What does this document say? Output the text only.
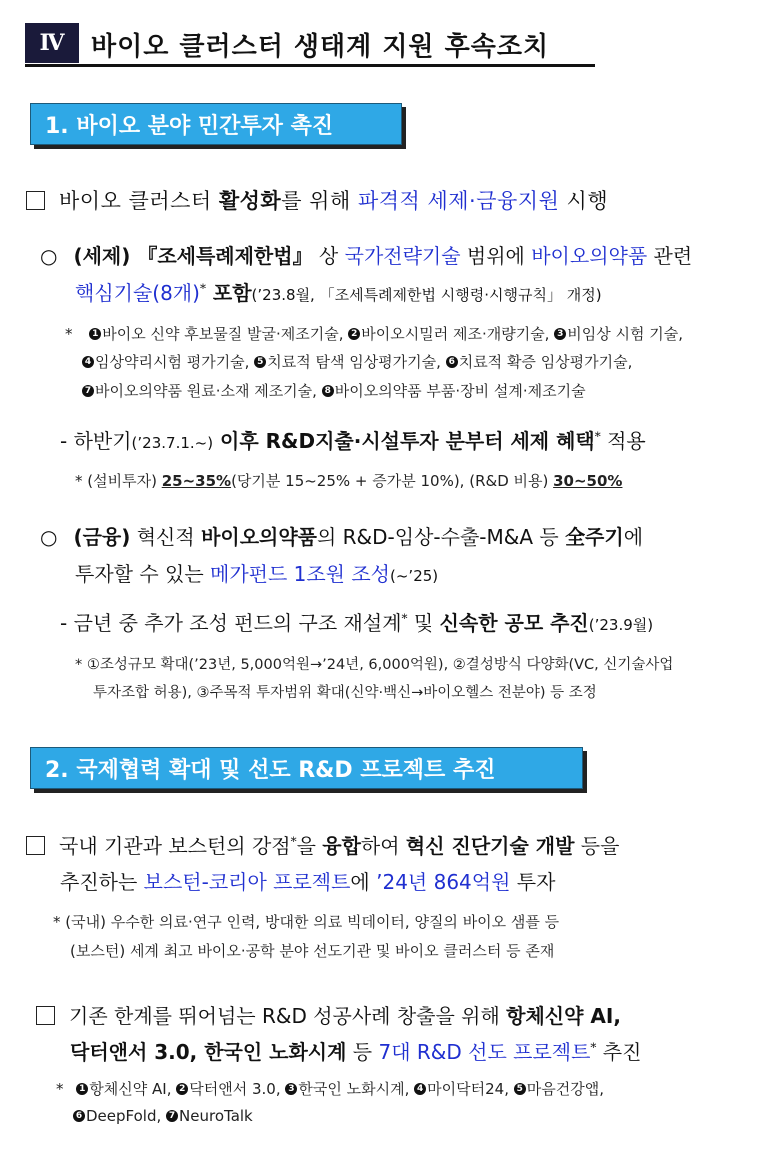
Ⅳ	바이오 클러스터 생태계 지원 후속조치
1. 바이오 분야 민간투자 촉진
바이오 클러스터 활성화를 위해 파격적 세제·금융지원 시행
○ (세제) 『조세특례제한법』 상 국가전략기술 범위에 바이오의약품 관련
핵심기술(8개)* 포함(’23.8월, 「조세특례제한법 시행령·시행규칙」 개정)
* 1 바이오 신약 후보물질 발굴·제조기술, 2 바이오시밀러 제조·개량기술, 3 비임상 시험 기술,
4 임상약리시험 평가기술, 5 치료적 탐색 임상평가기술, 6 치료적 확증 임상평가기술,
7 바이오의약품 원료·소재 제조기술, 8 바이오의약품 부품·장비 설계·제조기술
- 하반기(’23.7.1.~) 이후 R&D지출·시설투자 분부터 세제 혜택* 적용
* (설비투자) 25~35%(당기분 15~25% + 증가분 10%), (R&D 비용) 30~50%
○ (금융) 혁신적 바이오의약품의 R&D-임상-수출-M&A 등 全주기에
투자할 수 있는 메가펀드 1조원 조성(~’25)
- 금년 중 추가 조성 펀드의 구조 재설계* 및 신속한 공모 추진(’23.9월)
* ①조성규모 확대(’23년, 5,000억원→’24년, 6,000억원), ②결성방식 다양화(VC, 신기술사업
투자조합 허용), ③주목적 투자범위 확대(신약·백신→바이오헬스 전분야) 등 조정
2. 국제협력 확대 및 선도 R&D 프로젝트 추진
국내 기관과 보스턴의 강점*을 융합하여 혁신 진단기술 개발 등을
추진하는 보스턴-코리아 프로젝트에 ’24년 864억원 투자
* (국내) 우수한 의료·연구 인력, 방대한 의료 빅데이터, 양질의 바이오 샘플 등
(보스턴) 세계 최고 바이오·공학 분야 선도기관 및 바이오 클러스터 등 존재
기존 한계를 뛰어넘는 R&D 성공사례 창출을 위해 항체신약 AI,
닥터앤서 3.0, 한국인 노화시계 등 7대 R&D 선도 프로젝트* 추진
* 1 항체신약 AI, 2 닥터앤서 3.0, 3 한국인 노화시계, 4 마이닥터24, 5 마음건강앱,
6 DeepFold, 7 NeuroTalk
